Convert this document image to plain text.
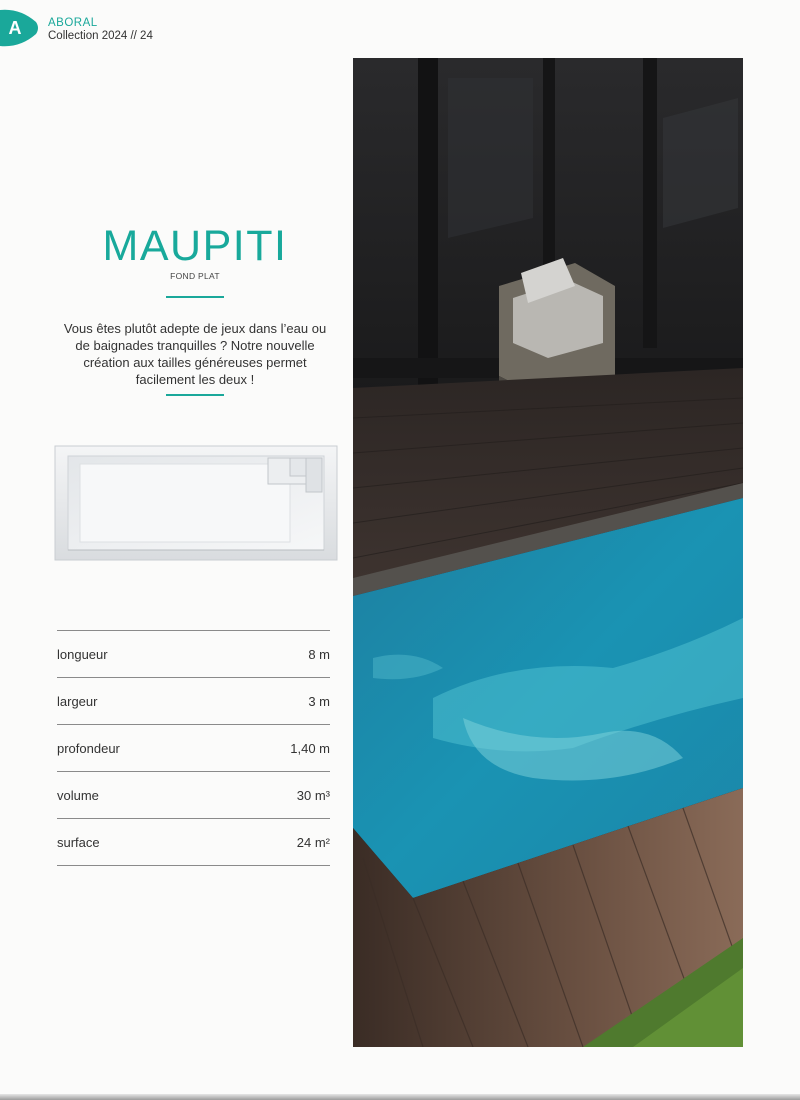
A ABORAL
Collection 2024 // 24
MAUPITI
FOND PLAT
Vous êtes plutôt adepte de jeux dans l’eau ou de baignades tranquilles ? Notre nouvelle création aux tailles généreuses permet facilement les deux !
longueur	8 m
largeur	3 m
profondeur	1,40 m
volume	30 m³
surface	24 m²
